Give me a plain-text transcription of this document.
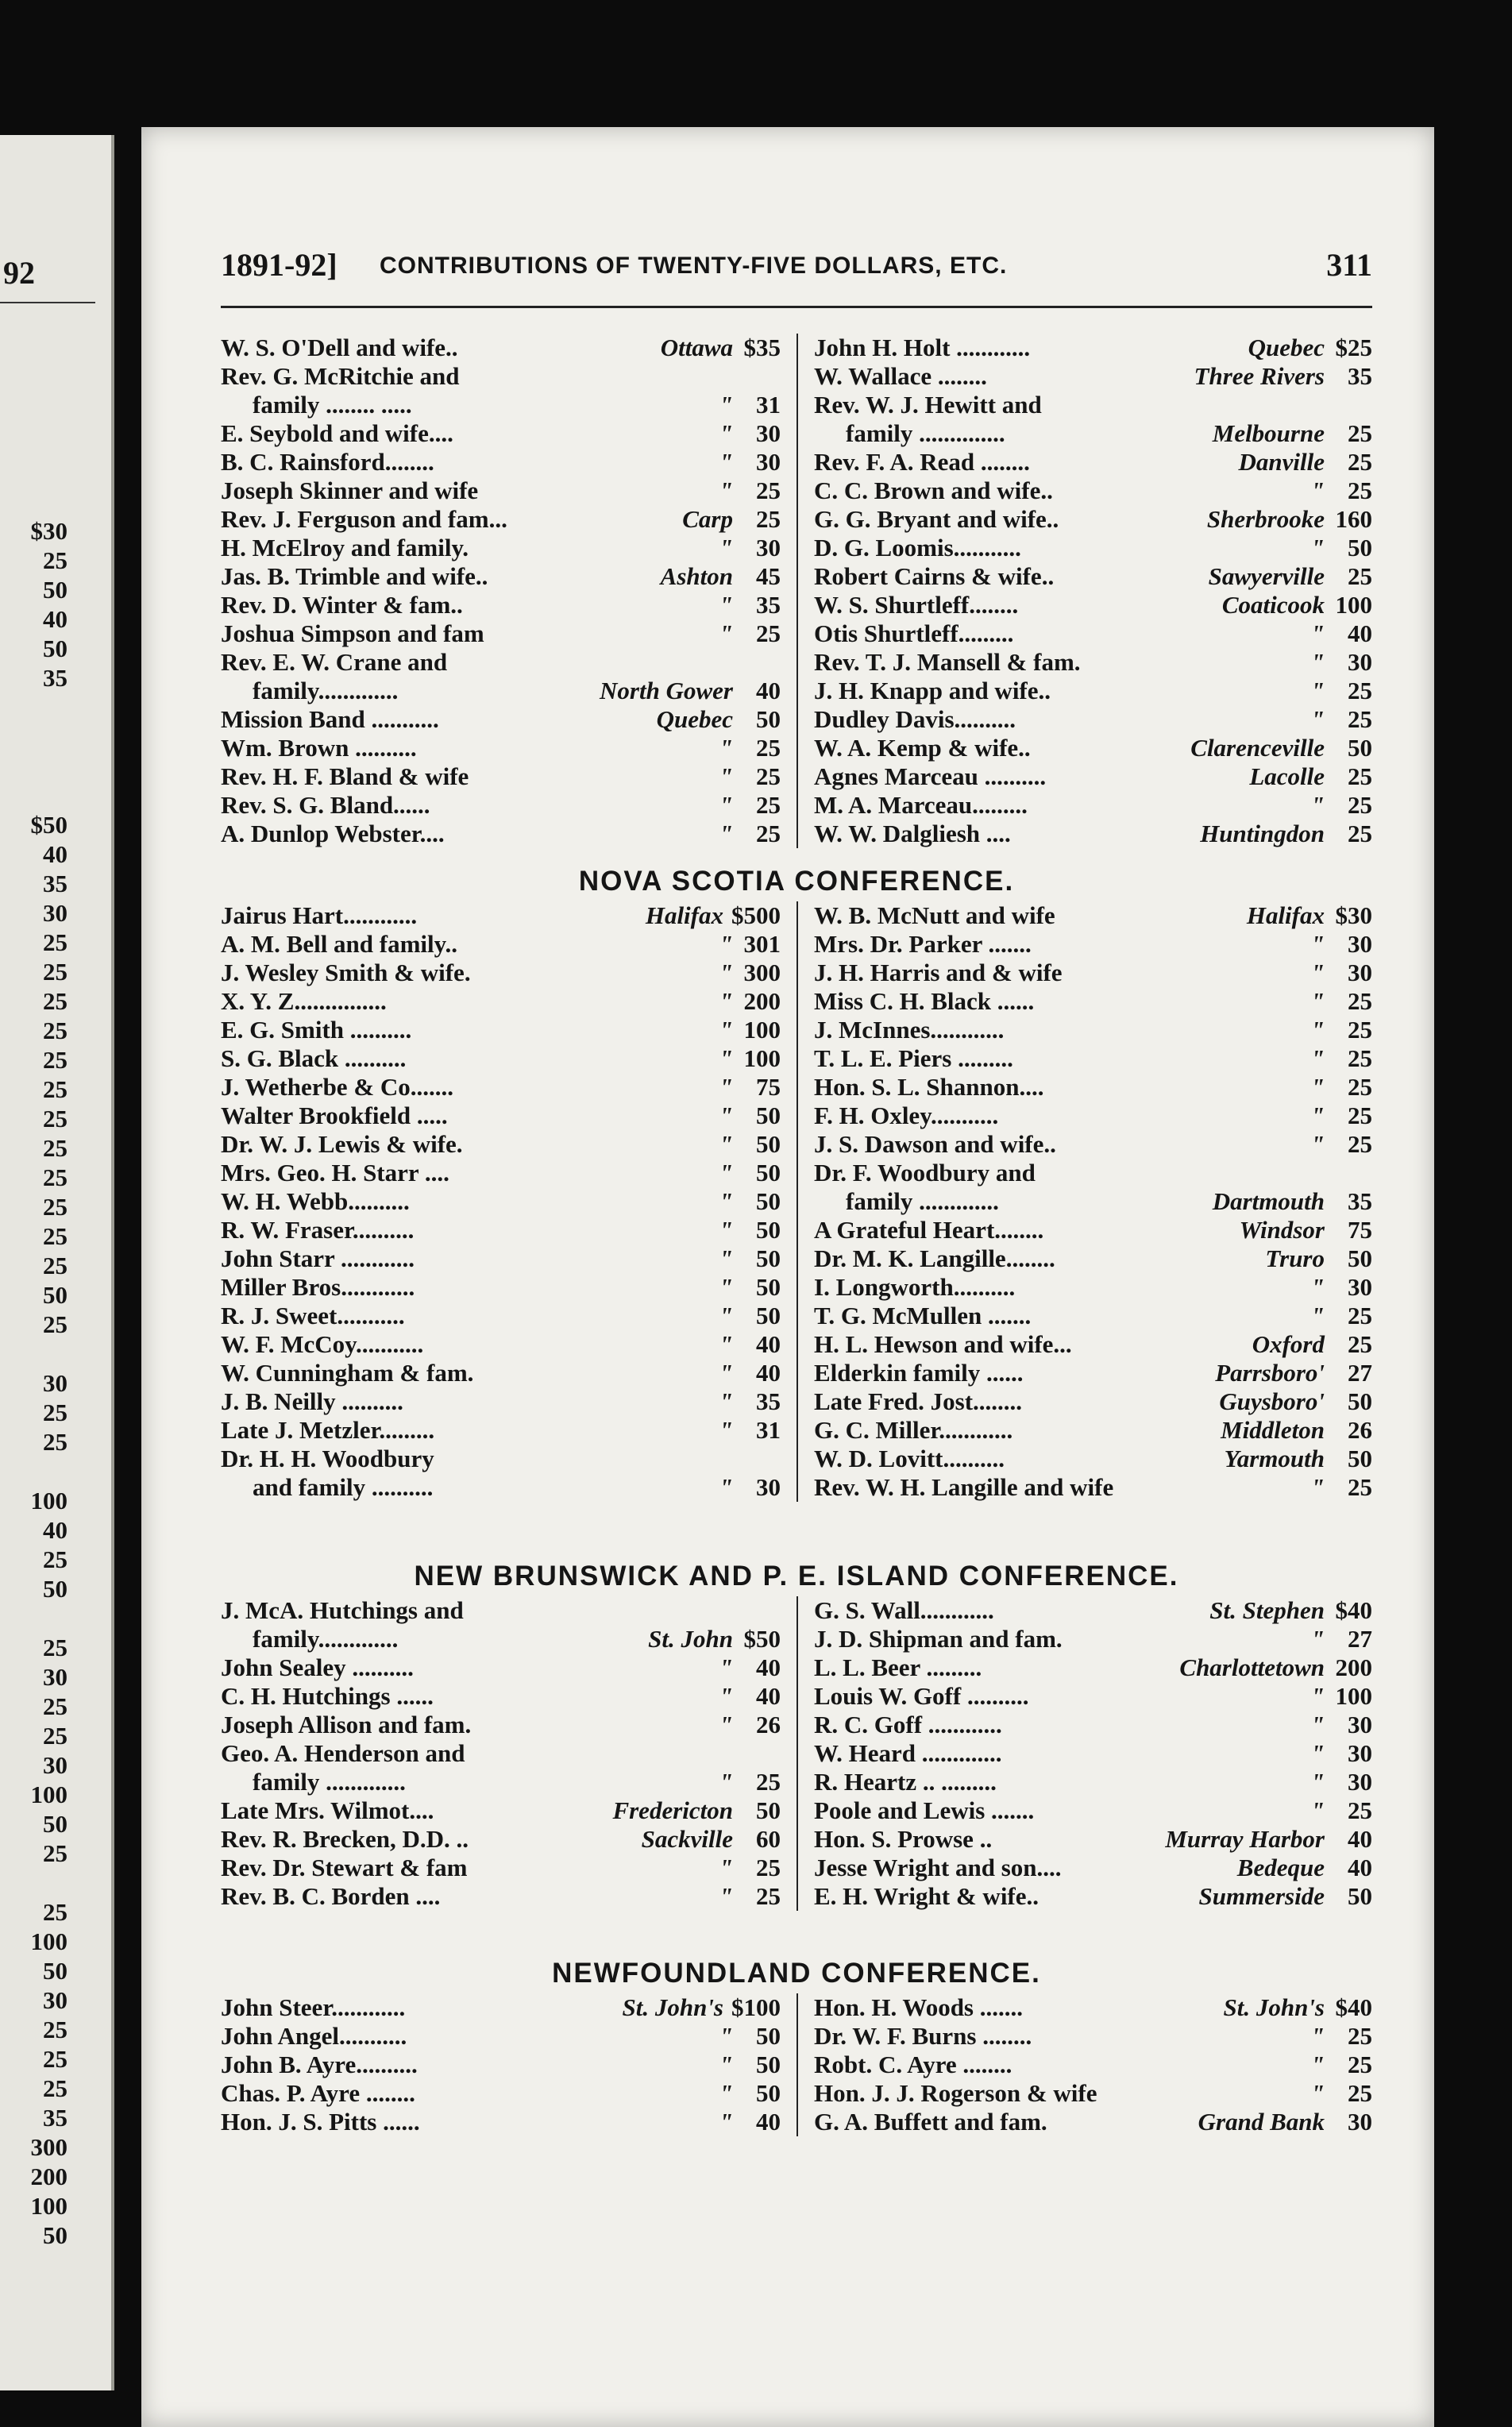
92
$30
25
50
40
50
35
$50
40
35
30
25
25
25
25
25
25
25
25
25
25
25
25
50
25
30
25
25
100
40
25
50
25
30
25
25
30
100
50
25
25
100
50
30
25
25
25
35
300
200
100
50
1891-92] CONTRIBUTIONS OF TWENTY-FIVE DOLLARS, ETC.	311
W. S. O'Dell and wife..	Ottawa $35
Rev. G. McRitchie and
family ........ .....	" 31
E. Seybold and wife....	" 30
B. C. Rainsford........	" 30
Joseph Skinner and wife	" 25
Rev. J. Ferguson and fam...	Carp 25
H. McElroy and family.	" 30
Jas. B. Trimble and wife..	Ashton 45
Rev. D. Winter & fam..	" 35
Joshua Simpson and fam	" 25
Rev. E. W. Crane and
family.............	North Gower 40
Mission Band ...........	Quebec 50
Wm. Brown ..........	" 25
Rev. H. F. Bland & wife	" 25
Rev. S. G. Bland......	" 25
A. Dunlop Webster....	" 25
John H. Holt ............	Quebec $25
W. Wallace ........	Three Rivers 35
Rev. W. J. Hewitt and
family ..............	Melbourne 25
Rev. F. A. Read ........	Danville 25
C. C. Brown and wife..	" 25
G. G. Bryant and wife..	Sherbrooke 160
D. G. Loomis...........	" 50
Robert Cairns & wife..	Sawyerville 25
W. S. Shurtleff........	Coaticook 100
Otis Shurtleff.........	" 40
Rev. T. J. Mansell & fam.	" 30
J. H. Knapp and wife..	" 25
Dudley Davis..........	" 25
W. A. Kemp & wife..	Clarenceville 50
Agnes Marceau ..........	Lacolle 25
M. A. Marceau.........	" 25
W. W. Dalgliesh ....	Huntingdon 25
NOVA SCOTIA CONFERENCE.
Jairus Hart............	Halifax $500
A. M. Bell and family..	" 301
J. Wesley Smith & wife.	" 300
X. Y. Z...............	" 200
E. G. Smith ..........	" 100
S. G. Black ..........	" 100
J. Wetherbe & Co.......	" 75
Walter Brookfield .....	" 50
Dr. W. J. Lewis & wife.	" 50
Mrs. Geo. H. Starr ....	" 50
W. H. Webb..........	" 50
R. W. Fraser..........	" 50
John Starr ............	" 50
Miller Bros............	" 50
R. J. Sweet...........	" 50
W. F. McCoy...........	" 40
W. Cunningham & fam.	" 40
J. B. Neilly ..........	" 35
Late J. Metzler.........	" 31
Dr. H. H. Woodbury
and family ..........	" 30
W. B. McNutt and wife	Halifax $30
Mrs. Dr. Parker .......	" 30
J. H. Harris and & wife	" 30
Miss C. H. Black ......	" 25
J. McInnes............	" 25
T. L. E. Piers .........	" 25
Hon. S. L. Shannon....	" 25
F. H. Oxley...........	" 25
J. S. Dawson and wife..	" 25
Dr. F. Woodbury and
family .............	Dartmouth 35
A Grateful Heart........	Windsor 75
Dr. M. K. Langille........	Truro 50
I. Longworth..........	" 30
T. G. McMullen .......	" 25
H. L. Hewson and wife...	Oxford 25
Elderkin family ......	Parrsboro' 27
Late Fred. Jost........	Guysboro' 50
G. C. Miller............	Middleton 26
W. D. Lovitt..........	Yarmouth 50
Rev. W. H. Langille and wife	" 25
NEW BRUNSWICK AND P. E. ISLAND CONFERENCE.
J. McA. Hutchings and
family.............	St. John $50
John Sealey ..........	" 40
C. H. Hutchings ......	" 40
Joseph Allison and fam.	" 26
Geo. A. Henderson and
family .............	" 25
Late Mrs. Wilmot....	Fredericton 50
Rev. R. Brecken, D.D. ..	Sackville 60
Rev. Dr. Stewart & fam	" 25
Rev. B. C. Borden ....	" 25
G. S. Wall............	St. Stephen $40
J. D. Shipman and fam.	" 27
L. L. Beer .........	Charlottetown 200
Louis W. Goff ..........	" 100
R. C. Goff ............	" 30
W. Heard .............	" 30
R. Heartz .. .........	" 30
Poole and Lewis .......	" 25
Hon. S. Prowse ..	Murray Harbor 40
Jesse Wright and son....	Bedeque 40
E. H. Wright & wife..	Summerside 50
NEWFOUNDLAND CONFERENCE.
John Steer............	St. John's $100
John Angel...........	" 50
John B. Ayre..........	" 50
Chas. P. Ayre ........	" 50
Hon. J. S. Pitts ......	" 40
Hon. H. Woods .......	St. John's $40
Dr. W. F. Burns ........	" 25
Robt. C. Ayre ........	" 25
Hon. J. J. Rogerson & wife	" 25
G. A. Buffett and fam.	Grand Bank 30
